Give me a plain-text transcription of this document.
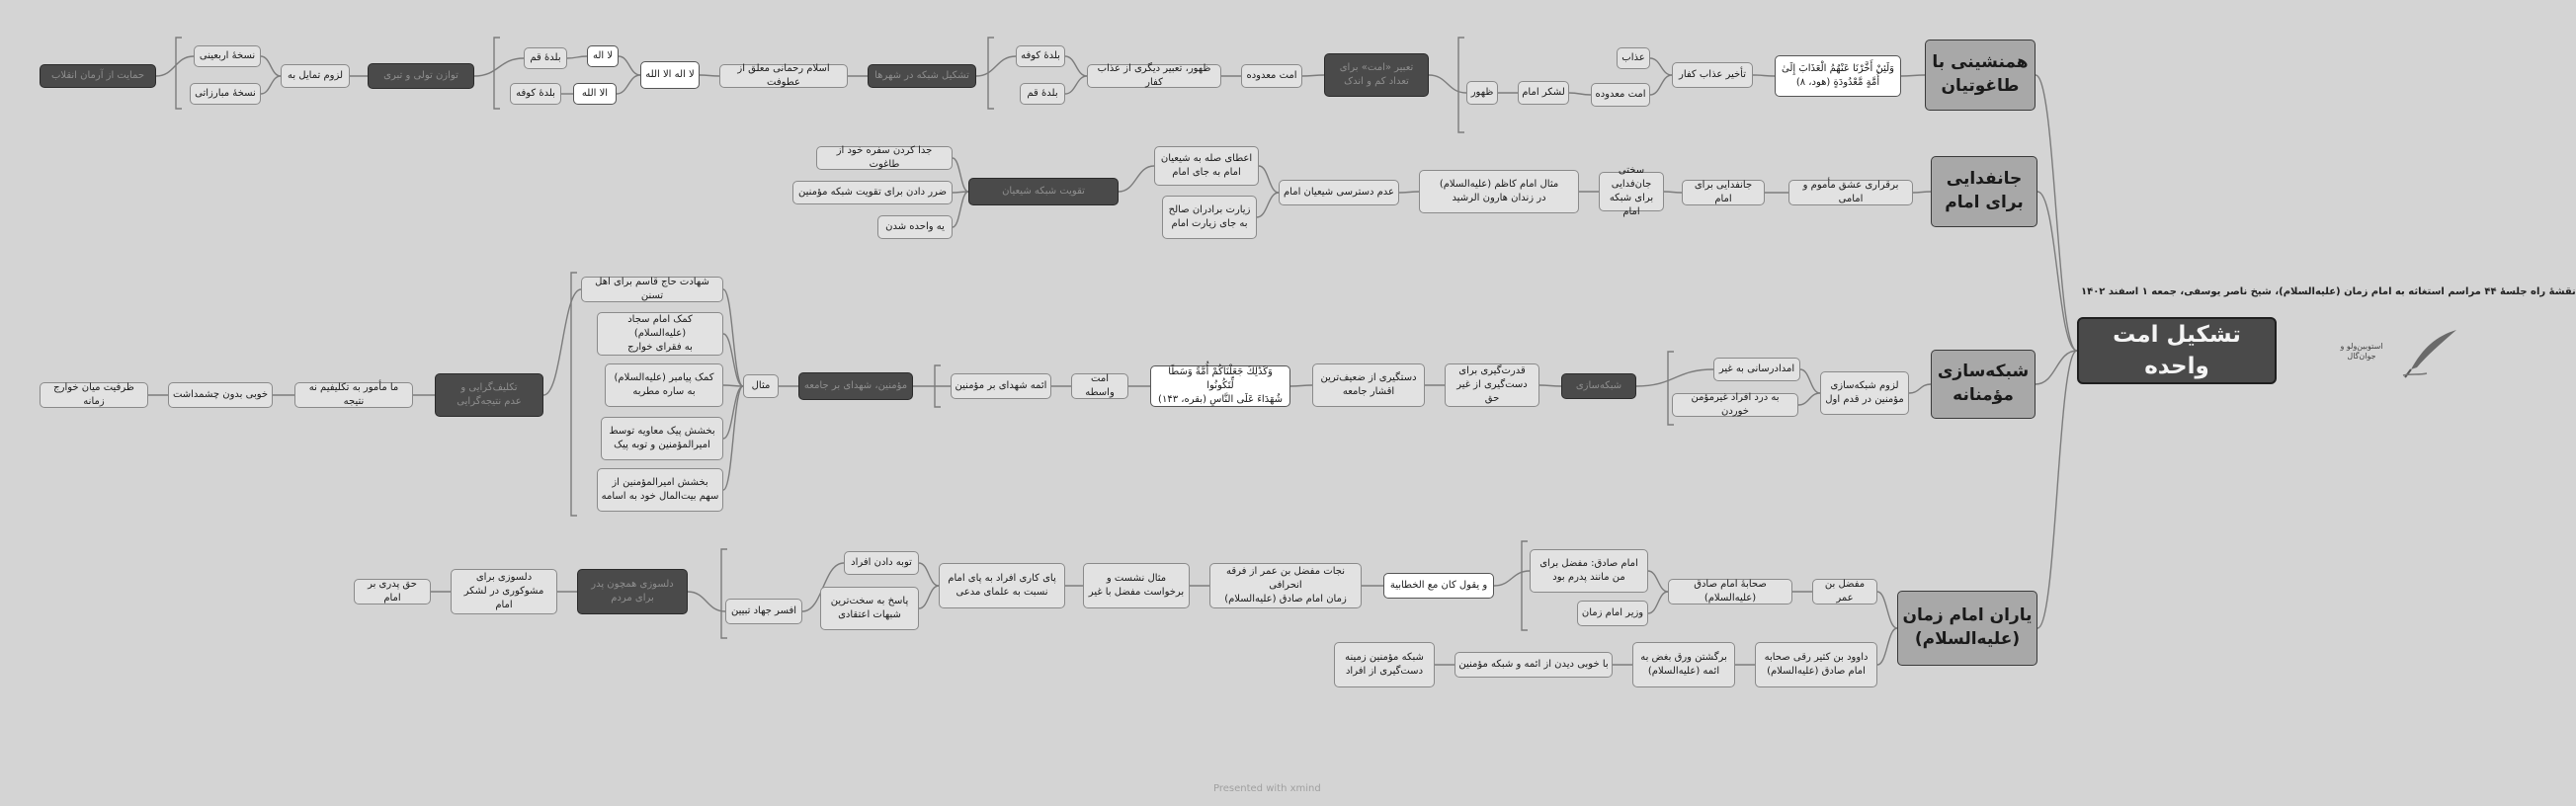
نقشهٔ راه جلسهٔ ۴۴ مراسم استغاثه به امام زمان (علیه‌السلام)، شیخ ناصر یوسفی، جمعه ۱ اسفند ۱۴۰۲
تشکیل امت واحده
استوبین‌ولو و
جوان‌گال
همنشینی با
طاغوتیان
وَلَئِنْ أَخَّرْنَا عَنْهُمُ الْعَذَابَ إِلَىٰ
أُمَّةٍ مَّعْدُودَةٍ (هود، ۸)
تأخیر عذاب کفار
عذاب
امت معدوده
لشکر امام
ظهور
تعبیر «امت» برای
تعداد کم و اندک
امت معدوده
ظهور، تعبیر دیگری از عذاب کفار
بلدهٔ کوفه
بلدهٔ قم
تشکیل شبکه در شهرها
اسلام رحمانی معلق از عطوفت
لا اله الا الله
لا اله
الا الله
بلدهٔ قم
بلدهٔ کوفه
توازن تولی و تبری
لزوم تمایل به
نسخهٔ اربعینی
نسخهٔ مبارزاتی
حمایت از آرمان انقلاب
جانفدایی
برای امام
برقراری عشق مأموم و امامی
جانفدایی برای امام
سختی جان‌فدایی
برای شبکه امام
مثال امام کاظم (علیه‌السلام)
در زندان هارون الرشید
عدم دسترسی شیعیان امام
اعطای صله به شیعیان
امام به جای امام
زیارت برادران صالح
به جای زیارت امام
تقویت شبکه شیعیان
جدا کردن سفره خود از طاغوت
ضرر دادن برای تقویت شبکه مؤمنین
یه واحده شدن
شبکه‌سازی
مؤمنانه
لزوم شبکه‌سازی
مؤمنین در قدم اول
امداد‌رسانی به غیر
به درد افراد غیرمؤمن خوردن
شبکه‌سازی
قدرت‌گیری برای
دست‌گیری از غیر حق
دستگیری از ضعیف‌ترین
اقشار جامعه
وَكَذَٰلِكَ جَعَلْنَاكُمْ أُمَّةً وَسَطًا لِّتَكُونُوا
شُهَدَاءَ عَلَى النَّاسِ (بقره، ۱۴۳)
امت واسطه
ائمه شهدای بر مؤمنین
مؤمنین، شهدای بر جامعه
مثال
شهادت حاج قاسم برای اهل تسنن
کمک امام سجاد (علیه‌السلام)
به فقرای خوارج
کمک پیامبر (علیه‌السلام)
به ساره مطربه
بخشش پیک معاویه توسط
امیرالمؤمنین و توبه پیک
بخشش امیرالمؤمنین از
سهم بیت‌المال خود به اسامه
تکلیف‌گرایی و
عدم نتیجه‌گرایی
ما مأمور به تکلیفیم نه نتیجه
خوبی بدون چشمداشت
ظرفیت میان خوارج زمانه
یاران امام زمان
(علیه‌السلام)
مفضل بن عمر
صحابهٔ امام صادق (علیه‌السلام)
امام صادق: مفضل برای
من مانند پدرم بود
وزیر امام زمان
و یقول کان مع الخطابیة
نجات مفضل بن عمر از فرقه انحرافی
زمان امام صادق (علیه‌السلام)
مثال نشست و
برخواست مفضل با غیر
پای کاری افراد به پای امام
نسبت به علمای مدعی
توبه دادن افراد
پاسخ به سخت‌ترین
شبهات اعتقادی
افسر جهاد تبیین
دلسوزی همچون پدر
برای مردم
دلسوزی برای
مشوکوری در لشکر امام
حق پدری بر امام
داوود بن کثیر رقی صحابه
امام صادق (علیه‌السلام)
برگشتن ورق بغض به
ائمه (علیه‌السلام)
با خوبی دیدن از ائمه و شبکه مؤمنین
شبکه مؤمنین زمینه
دست‌گیری از افراد
Presented with xmind
